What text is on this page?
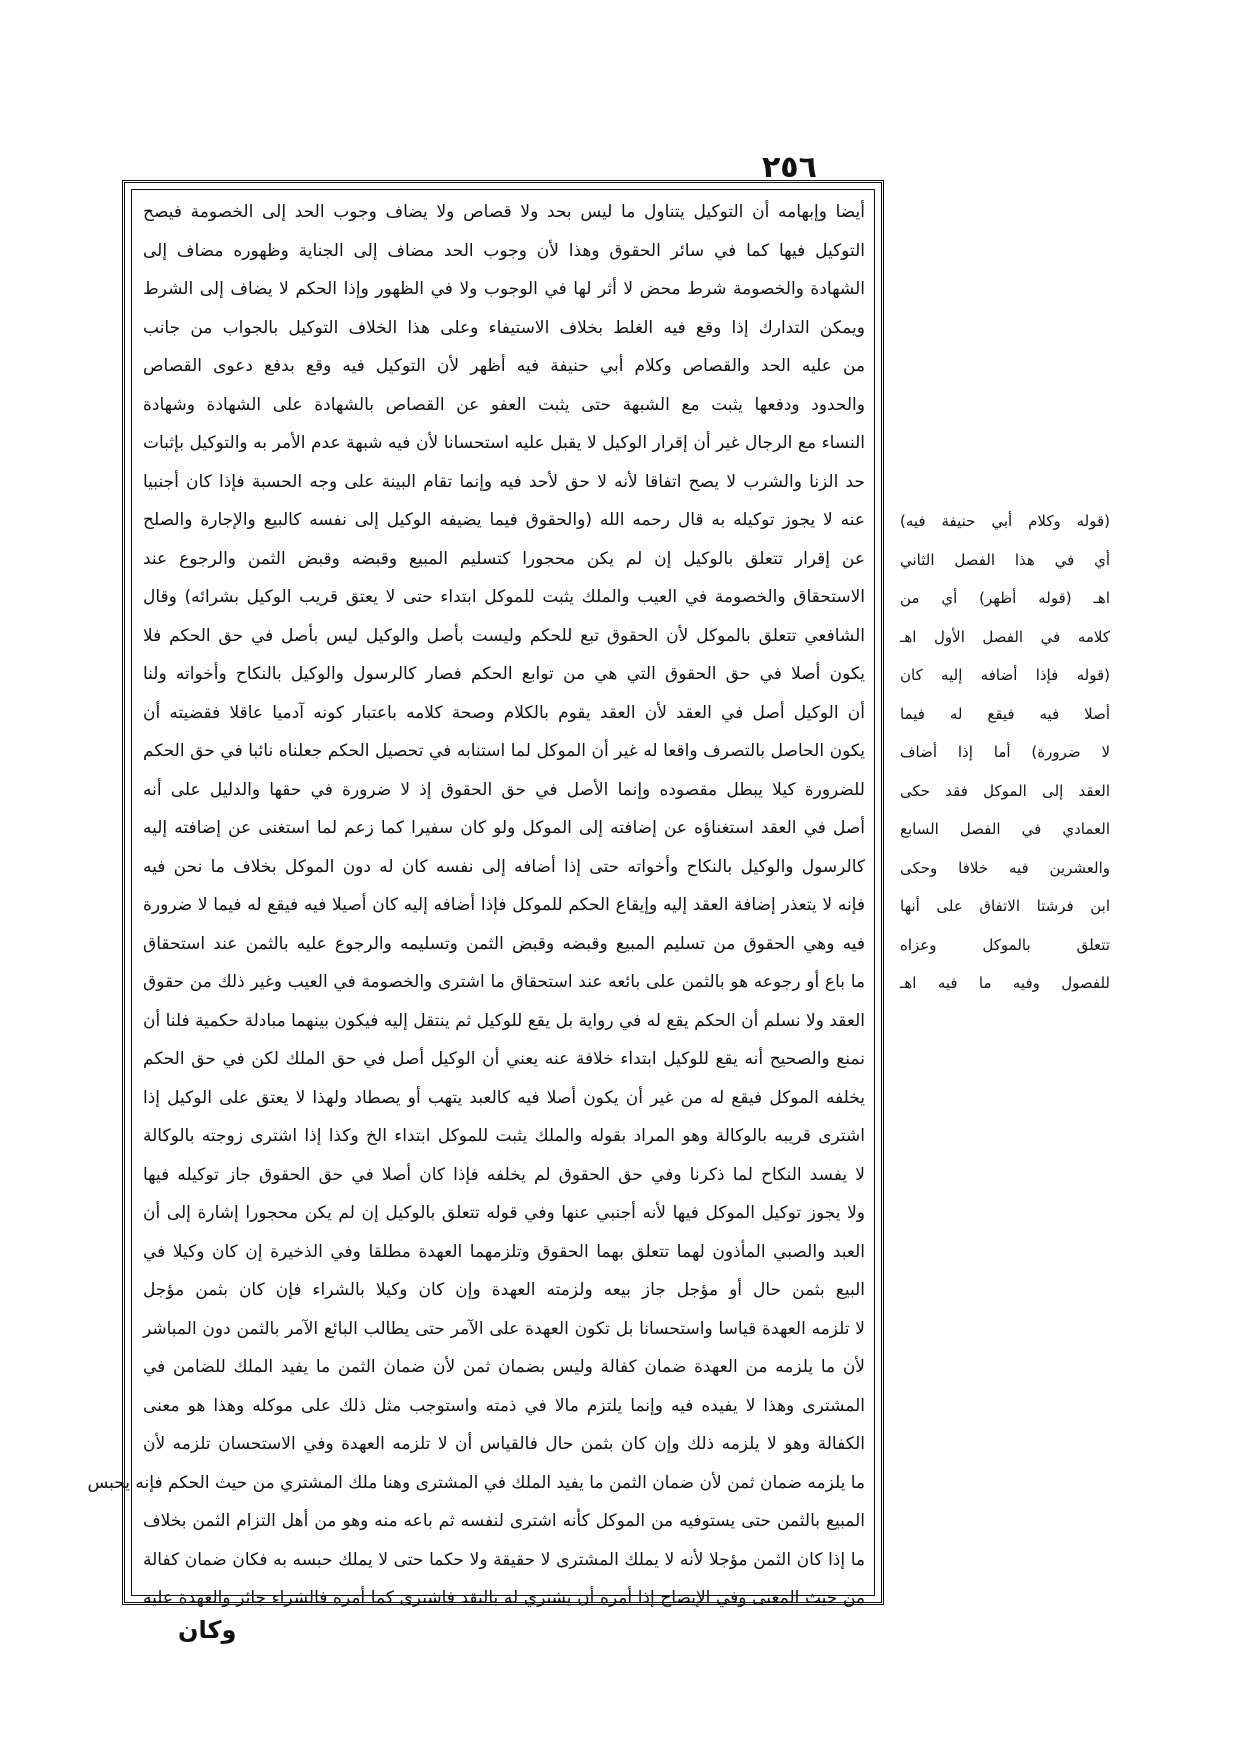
٢٥٦
أيضا وإبهامه أن التوكيل يتناول ما ليس بحد ولا قصاص ولا يضاف وجوب الحد إلى الخصومة فيصح
التوكيل فيها كما في سائر الحقوق وهذا لأن وجوب الحد مضاف إلى الجناية وظهوره مضاف إلى
الشهادة والخصومة شرط محض لا أثر لها في الوجوب ولا في الظهور وإذا الحكم لا يضاف إلى الشرط
ويمكن التدارك إذا وقع فيه الغلط بخلاف الاستيفاء وعلى هذا الخلاف التوكيل بالجواب من جانب
من عليه الحد والقصاص وكلام أبي حنيفة فيه أظهر لأن التوكيل فيه وقع بدفع دعوى القصاص
والحدود ودفعها يثبت مع الشبهة حتى يثبت العفو عن القصاص بالشهادة على الشهادة وشهادة
النساء مع الرجال غير أن إقرار الوكيل لا يقبل عليه استحسانا لأن فيه شبهة عدم الأمر به والتوكيل بإثبات
حد الزنا والشرب لا يصح اتفاقا لأنه لا حق لأحد فيه وإنما تقام البينة على وجه الحسبة فإذا كان أجنبيا
عنه لا يجوز توكيله به قال رحمه الله (والحقوق فيما يضيفه الوكيل إلى نفسه كالبيع والإجارة والصلح
عن إقرار تتعلق بالوكيل إن لم يكن محجورا كتسليم المبيع وقبضه وقبض الثمن والرجوع عند
الاستحقاق والخصومة في العيب والملك يثبت للموكل ابتداء حتى لا يعتق قريب الوكيل بشرائه) وقال
الشافعي تتعلق بالموكل لأن الحقوق تبع للحكم وليست بأصل والوكيل ليس بأصل في حق الحكم فلا
يكون أصلا في حق الحقوق التي هي من توابع الحكم فصار كالرسول والوكيل بالنكاح وأخواته ولنا
أن الوكيل أصل في العقد لأن العقد يقوم بالكلام وصحة كلامه باعتبار كونه آدميا عاقلا فقضيته أن
يكون الحاصل بالتصرف واقعا له غير أن الموكل لما استنابه في تحصيل الحكم جعلناه نائبا في حق الحكم
للضرورة كيلا يبطل مقصوده وإنما الأصل في حق الحقوق إذ لا ضرورة في حقها والدليل على أنه
أصل في العقد استغناؤه عن إضافته إلى الموكل ولو كان سفيرا كما زعم لما استغنى عن إضافته إليه
كالرسول والوكيل بالنكاح وأخواته حتى إذا أضافه إلى نفسه كان له دون الموكل بخلاف ما نحن فيه
فإنه لا يتعذر إضافة العقد إليه وإيقاع الحكم للموكل فإذا أضافه إليه كان أصيلا فيه فيقع له فيما لا ضرورة
فيه وهي الحقوق من تسليم المبيع وقبضه وقبض الثمن وتسليمه والرجوع عليه بالثمن عند استحقاق
ما باع أو رجوعه هو بالثمن على بائعه عند استحقاق ما اشترى والخصومة في العيب وغير ذلك من حقوق
العقد ولا نسلم أن الحكم يقع له في رواية بل يقع للوكيل ثم ينتقل إليه فيكون بينهما مبادلة حكمية فلنا أن
نمنع والصحيح أنه يقع للوكيل ابتداء خلافة عنه يعني أن الوكيل أصل في حق الملك لكن في حق الحكم
يخلفه الموكل فيقع له من غير أن يكون أصلا فيه كالعبد يتهب أو يصطاد ولهذا لا يعتق على الوكيل إذا
اشترى قريبه بالوكالة وهو المراد بقوله والملك يثبت للموكل ابتداء الخ وكذا إذا اشترى زوجته بالوكالة
لا يفسد النكاح لما ذكرنا وفي حق الحقوق لم يخلفه فإذا كان أصلا في حق الحقوق جاز توكيله فيها
ولا يجوز توكيل الموكل فيها لأنه أجنبي عنها وفي قوله تتعلق بالوكيل إن لم يكن محجورا إشارة إلى أن
العبد والصبي المأذون لهما تتعلق بهما الحقوق وتلزمهما العهدة مطلقا وفي الذخيرة إن كان وكيلا في
البيع بثمن حال أو مؤجل جاز بيعه ولزمته العهدة وإن كان وكيلا بالشراء فإن كان بثمن مؤجل
لا تلزمه العهدة قياسا واستحسانا بل تكون العهدة على الآمر حتى يطالب البائع الآمر بالثمن دون المباشر
لأن ما يلزمه من العهدة ضمان كفالة وليس بضمان ثمن لأن ضمان الثمن ما يفيد الملك للضامن في
المشترى وهذا لا يفيده فيه وإنما يلتزم مالا في ذمته واستوجب مثل ذلك على موكله وهذا هو معنى
الكفالة وهو لا يلزمه ذلك وإن كان بثمن حال فالقياس أن لا تلزمه العهدة وفي الاستحسان تلزمه لأن
ما يلزمه ضمان ثمن لأن ضمان الثمن ما يفيد الملك في المشترى وهنا ملك المشتري من حيث الحكم فإنه يحبس
المبيع بالثمن حتى يستوفيه من الموكل كأنه اشترى لنفسه ثم باعه منه وهو من أهل التزام الثمن بخلاف
ما إذا كان الثمن مؤجلا لأنه لا يملك المشترى لا حقيقة ولا حكما حتى لا يملك حبسه به فكان ضمان كفالة
من حيث المعنى وفي الإيضاح إذا أمره أن يشتري له بالنقد فاشترى كما أمره فالشراء جائز والعهدة عليه
(قوله وكلام أبي حنيفة فيه)
أي في هذا الفصل الثاني
اهـ (قوله أظهر) أي من
كلامه في الفصل الأول اهـ
(قوله فإذا أضافه إليه كان
أصلا فيه فيقع له فيما
لا ضرورة) أما إذا أضاف
العقد إلى الموكل فقد حكى
العمادي في الفصل السابع
والعشرين فيه خلافا وحكى
ابن فرشتا الاتفاق على أنها
تتعلق بالموكل وعزاه
للفصول وفيه ما فيه اهـ
وكان
